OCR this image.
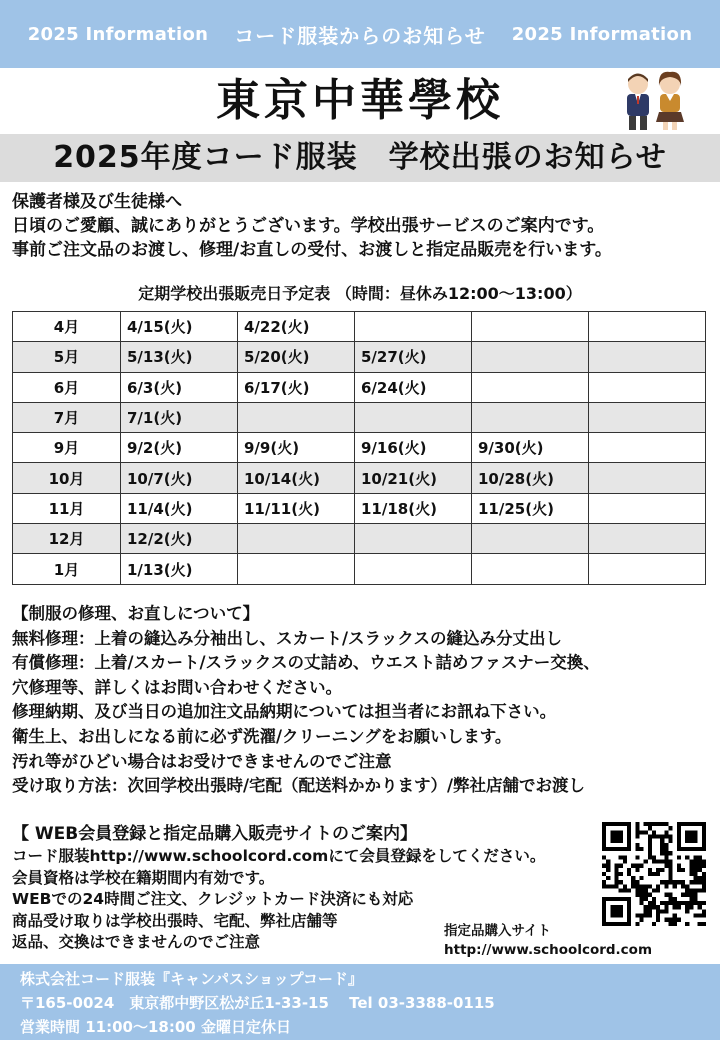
2025 Information コード服装からのお知らせ 2025 Information
東京中華學校
2025年度コード服装　学校出張のお知らせ
保護者様及び生徒様へ
日頃のご愛顧、誠にありがとうございます。学校出張サービスのご案内です。
事前ご注文品のお渡し、修理/お直しの受付、お渡しと指定品販売を行います。
定期学校出張販売日予定表 （時間：昼休み12:00～13:00）
4月	4/15(火)	4/22(火)			
5月	5/13(火)	5/20(火)	5/27(火)		
6月	6/3(火)	6/17(火)	6/24(火)		
7月	7/1(火)				
9月	9/2(火)	9/9(火)	9/16(火)	9/30(火)	
10月	10/7(火)	10/14(火)	10/21(火)	10/28(火)	
11月	11/4(火)	11/11(火)	11/18(火)	11/25(火)	
12月	12/2(火)				
1月	1/13(火)				
【制服の修理、お直しについて】
無料修理：上着の縫込み分袖出し、スカート/スラックスの縫込み分丈出し
有償修理：上着/スカート/スラックスの丈詰め、ウエスト詰めファスナー交換、
穴修理等、詳しくはお問い合わせください。
修理納期、及び当日の追加注文品納期については担当者にお訊ね下さい。
衛生上、お出しになる前に必ず洗濯/クリーニングをお願いします。
汚れ等がひどい場合はお受けできませんのでご注意
受け取り方法：次回学校出張時/宅配（配送料かかります）/弊社店舗でお渡し
【 WEB会員登録と指定品購入販売サイトのご案内】
コード服装http://www.schoolcord.comにて会員登録をしてください。
会員資格は学校在籍期間内有効です。
WEBでの24時間ご注文、クレジットカード決済にも対応
商品受け取りは学校出張時、宅配、弊社店舗等
返品、交換はできませんのでご注意
指定品購入サイト
http://www.schoolcord.com
株式会社コード服装『キャンパスショップコード』
〒165-0024　東京都中野区松が丘1-33-15　 Tel 03-3388-0115
営業時間 11:00～18:00 金曜日定休日
